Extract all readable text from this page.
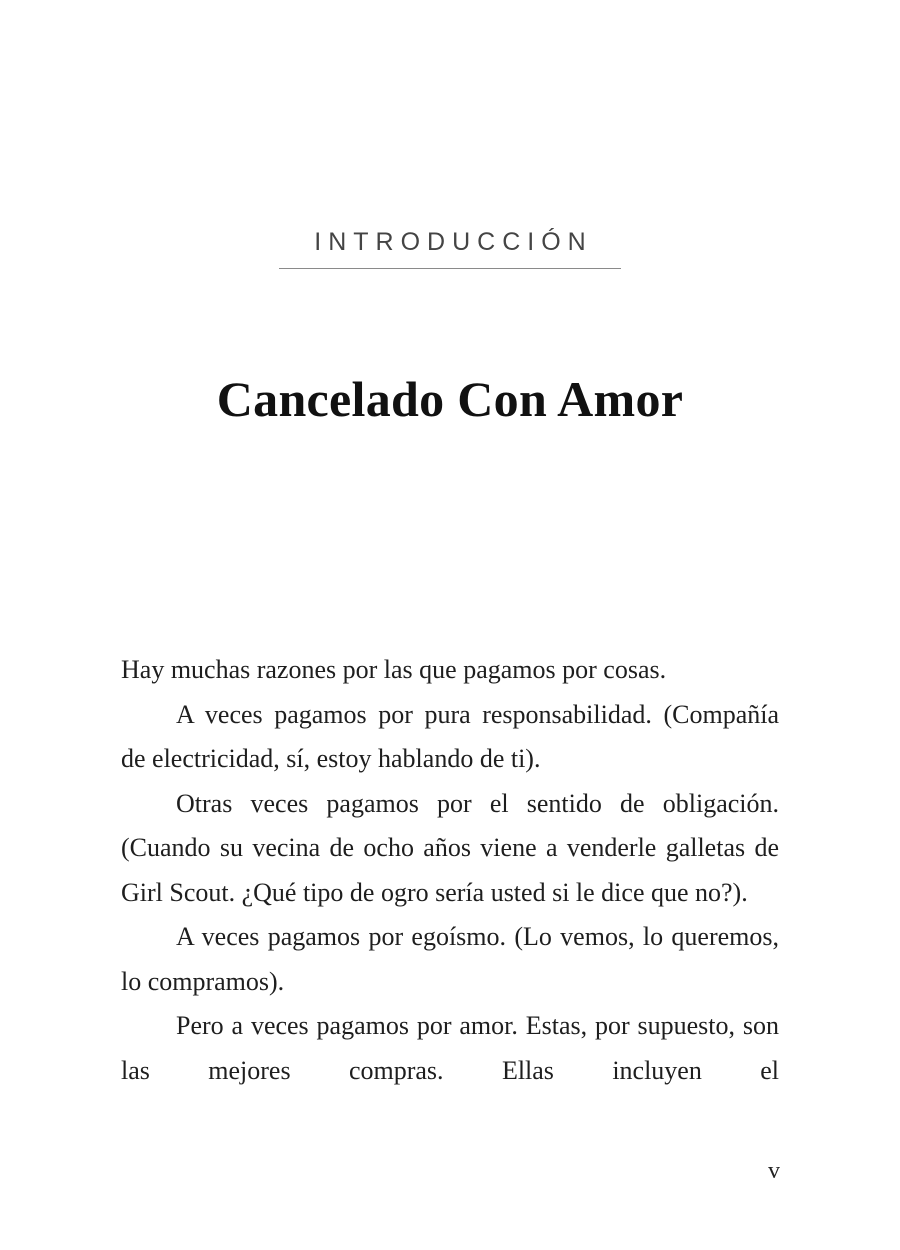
INTRODUCCIÓN
Cancelado Con Amor

Hay muchas razones por las que pagamos por cosas.

A veces pagamos por pura responsabilidad. (Compañía de electricidad, sí, estoy hablando de ti).

Otras veces pagamos por el sentido de obligación. (Cuando su vecina de ocho años viene a venderle galletas de Girl Scout. ¿Qué tipo de ogro sería usted si le dice que no?).

A veces pagamos por egoísmo. (Lo vemos, lo queremos, lo compramos).

Pero a veces pagamos por amor. Estas, por supuesto, son las mejores compras. Ellas incluyen el

v
